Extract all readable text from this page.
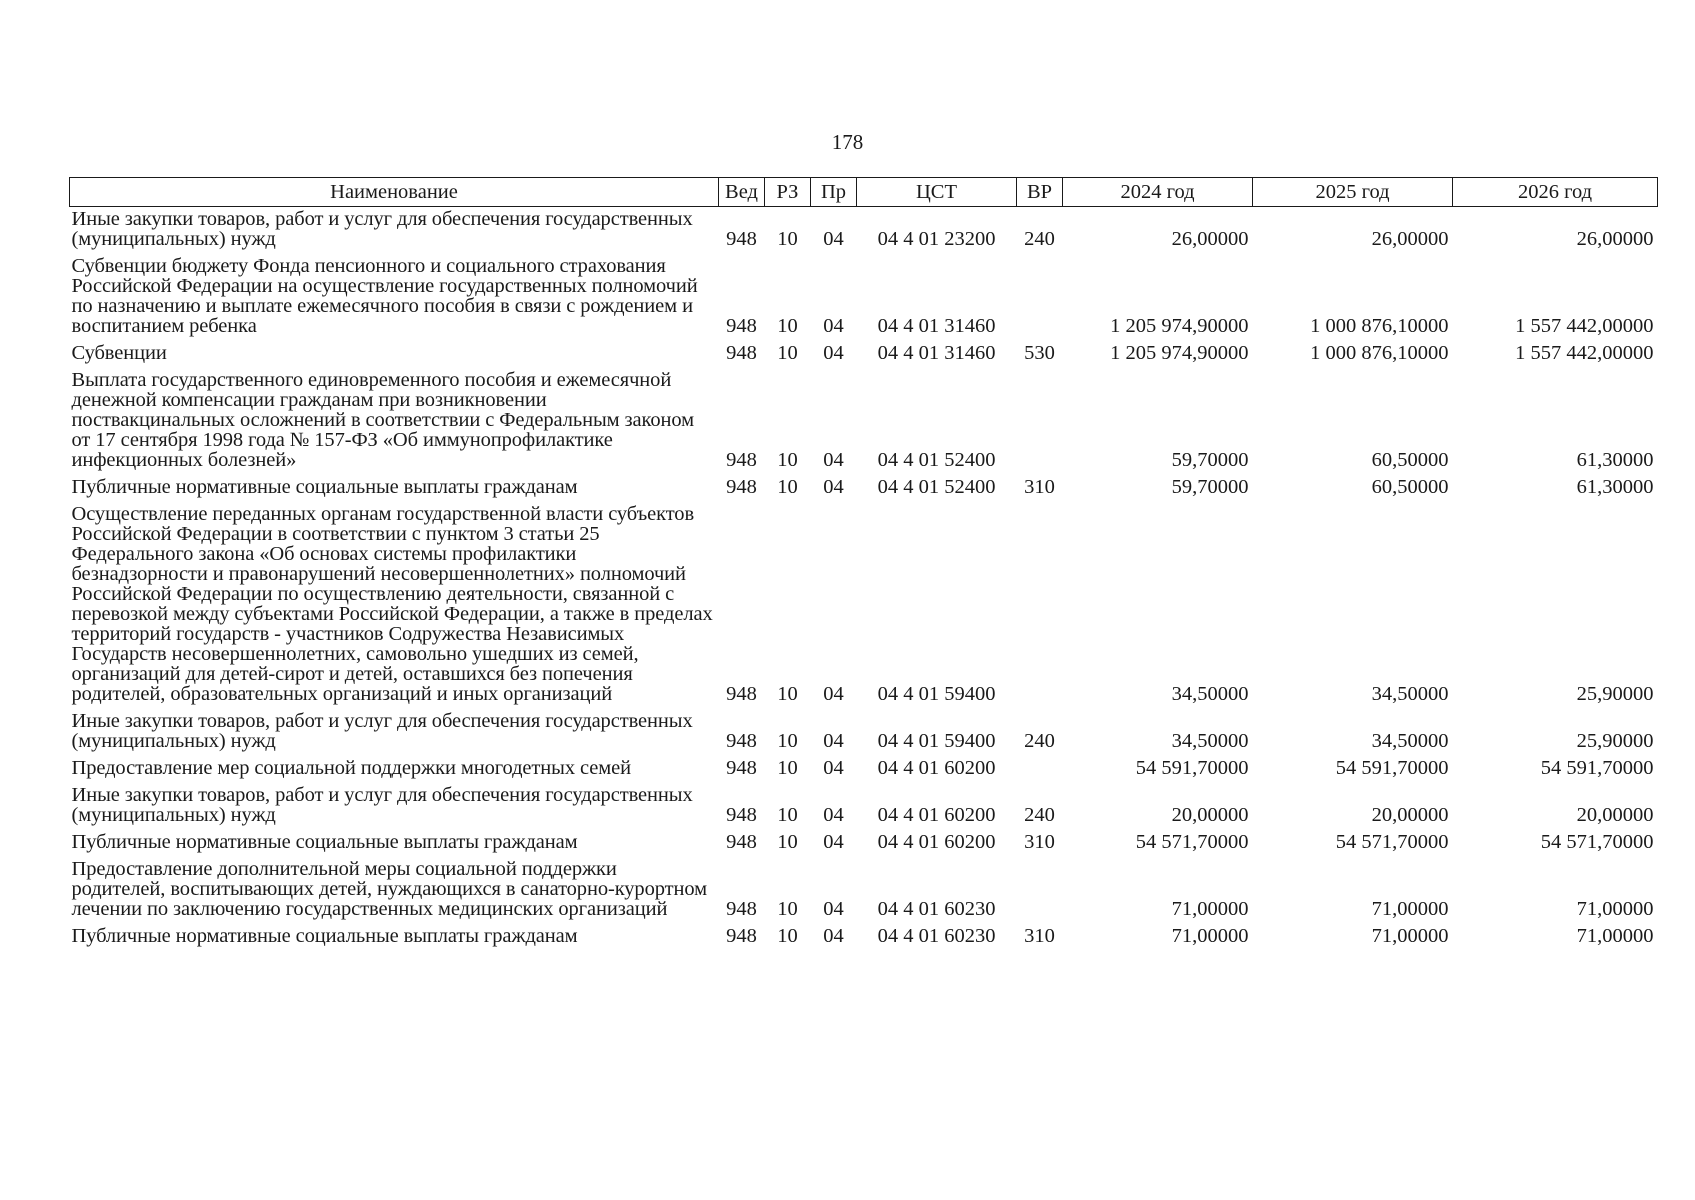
178
Наименование	Вед	РЗ	Пр	ЦСТ	ВР	2024 год	2025 год	2026 год
Иные закупки товаров, работ и услуг для обеспечения государственных (муниципальных) нужд	948	10	04	04 4 01 23200	240	26,00000	26,00000	26,00000
Субвенции бюджету Фонда пенсионного и социального страхования Российской Федерации на осуществление государственных полномочий по назначению и выплате ежемесячного пособия в связи с рождением и воспитанием ребенка	948	10	04	04 4 01 31460		1 205 974,90000	1 000 876,10000	1 557 442,00000
Субвенции	948	10	04	04 4 01 31460	530	1 205 974,90000	1 000 876,10000	1 557 442,00000
Выплата государственного единовременного пособия и ежемесячной денежной компенсации гражданам при возникновении поствакцинальных осложнений в соответствии с Федеральным законом от 17 сентября 1998 года № 157-ФЗ «Об иммунопрофилактике инфекционных болезней»	948	10	04	04 4 01 52400		59,70000	60,50000	61,30000
Публичные нормативные социальные выплаты гражданам	948	10	04	04 4 01 52400	310	59,70000	60,50000	61,30000
Осуществление переданных органам государственной власти субъектов Российской Федерации в соответствии с пунктом 3 статьи 25 Федерального закона «Об основах системы профилактики безнадзорности и правонарушений несовершеннолетних» полномочий Российской Федерации по осуществлению деятельности, связанной с перевозкой между субъектами Российской Федерации, а также в пределах территорий государств - участников Содружества Независимых Государств несовершеннолетних, самовольно ушедших из семей, организаций для детей-сирот и детей, оставшихся без попечения родителей, образовательных организаций и иных организаций	948	10	04	04 4 01 59400		34,50000	34,50000	25,90000
Иные закупки товаров, работ и услуг для обеспечения государственных (муниципальных) нужд	948	10	04	04 4 01 59400	240	34,50000	34,50000	25,90000
Предоставление мер социальной поддержки многодетных семей	948	10	04	04 4 01 60200		54 591,70000	54 591,70000	54 591,70000
Иные закупки товаров, работ и услуг для обеспечения государственных (муниципальных) нужд	948	10	04	04 4 01 60200	240	20,00000	20,00000	20,00000
Публичные нормативные социальные выплаты гражданам	948	10	04	04 4 01 60200	310	54 571,70000	54 571,70000	54 571,70000
Предоставление дополнительной меры социальной поддержки родителей, воспитывающих детей, нуждающихся в санаторно-курортном лечении по заключению государственных медицинских организаций	948	10	04	04 4 01 60230		71,00000	71,00000	71,00000
Публичные нормативные социальные выплаты гражданам	948	10	04	04 4 01 60230	310	71,00000	71,00000	71,00000
